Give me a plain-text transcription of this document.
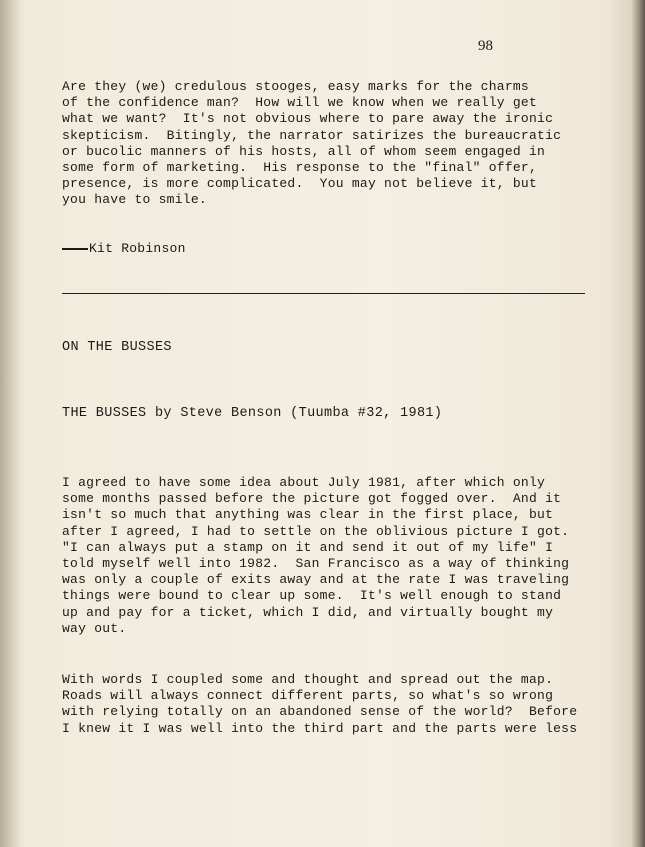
98

Are they (we) credulous stooges, easy marks for the charms
of the confidence man?  How will we know when we really get
what we want?  It's not obvious where to pare away the ironic
skepticism.  Bitingly, the narrator satirizes the bureaucratic
or bucolic manners of his hosts, all of whom seem engaged in
some form of marketing.  His response to the "final" offer,
presence, is more complicated.  You may not believe it, but
you have to smile.

Kit Robinson
ON THE BUSSES
THE BUSSES by Steve Benson (Tuumba #32, 1981)

I agreed to have some idea about July 1981, after which only
some months passed before the picture got fogged over.  And it
isn't so much that anything was clear in the first place, but
after I agreed, I had to settle on the oblivious picture I got.
"I can always put a stamp on it and send it out of my life" I
told myself well into 1982.  San Francisco as a way of thinking
was only a couple of exits away and at the rate I was traveling
things were bound to clear up some.  It's well enough to stand
up and pay for a ticket, which I did, and virtually bought my
way out.

With words I coupled some and thought and spread out the map.
Roads will always connect different parts, so what's so wrong
with relying totally on an abandoned sense of the world?  Before
I knew it I was well into the third part and the parts were less
